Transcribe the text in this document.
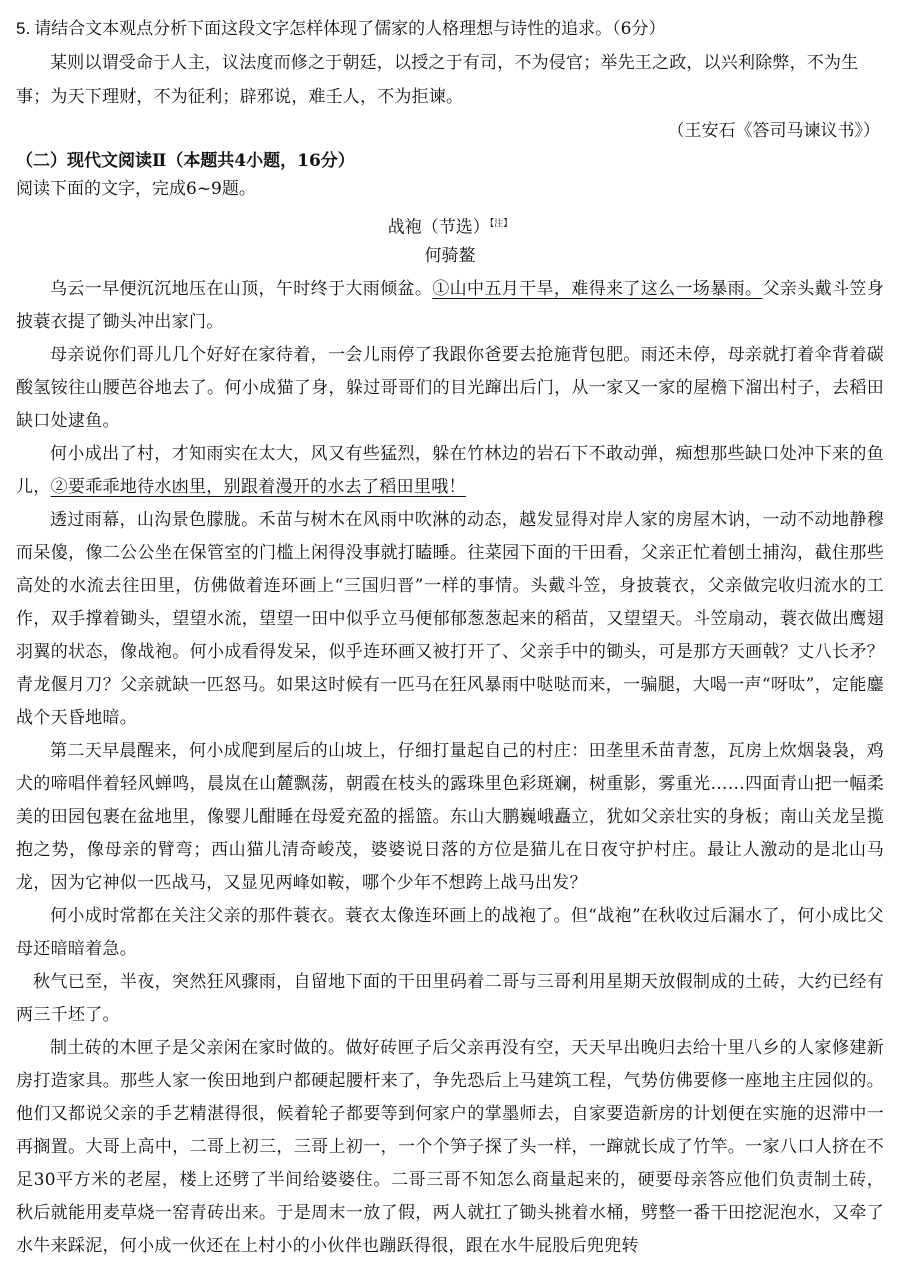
5. 请结合文本观点分析下面这段文字怎样体现了儒家的人格理想与诗性的追求。（6分）
某则以谓受命于人主，议法度而修之于朝廷，以授之于有司，不为侵官；举先王之政，以兴利除弊，不为生事；为天下理财，不为征利；辟邪说，难壬人，不为拒谏。
（王安石《答司马谏议书》）
（二）现代文阅读Ⅱ（本题共4小题，16分）
阅读下面的文字，完成6~9题。
战袍（节选）$^{【注】}$
何骑鳌

乌云一早便沉沉地压在山顶，午时终于大雨倾盆。①山中五月干旱，难得来了这么一场暴雨。父亲头戴斗笠身披蓑衣提了锄头冲出家门。

母亲说你们哥儿几个好好在家待着，一会儿雨停了我跟你爸要去抢施背包肥。雨还未停，母亲就打着伞背着碳酸氢铵往山腰芭谷地去了。何小成猫了身，躲过哥哥们的目光蹿出后门，从一家又一家的屋檐下溜出村子，去稻田缺口处逮鱼。

何小成出了村，才知雨实在太大，风又有些猛烈，躲在竹林边的岩石下不敢动弹，痴想那些缺口处冲下来的鱼儿，②要乖乖地待水凼里，别跟着漫开的水去了稻田里哦！

透过雨幕，山沟景色朦胧。禾苗与树木在风雨中吹淋的动态，越发显得对岸人家的房屋木讷，一动不动地静穆而呆傻，像二公公坐在保管室的门槛上闲得没事就打瞌睡。往菜园下面的干田看，父亲正忙着刨土捕沟，截住那些高处的水流去往田里，仿佛做着连环画上“三国归晋”一样的事情。头戴斗笠，身披蓑衣，父亲做完收归流水的工作，双手撑着锄头，望望水流，望望一田中似乎立马便郁郁葱葱起来的稻苗，又望望天。斗笠扇动，蓑衣做出鹰翅羽翼的状态，像战袍。何小成看得发呆，似乎连环画又被打开了、父亲手中的锄头，可是那方天画戟？丈八长矛？青龙偃月刀？父亲就缺一匹怒马。如果这时候有一匹马在狂风暴雨中哒哒而来，一骗腿，大喝一声“呀呔”，定能鏖战个天昏地暗。

第二天早晨醒来，何小成爬到屋后的山坡上，仔细打量起自己的村庄：田垄里禾苗青葱，瓦房上炊烟袅袅，鸡犬的啼唱伴着轻风蝉鸣，晨岚在山麓飘荡，朝霞在枝头的露珠里色彩斑斓，树重影，雾重光……四面青山把一幅柔美的田园包裹在盆地里，像婴儿酣睡在母爱充盈的摇篮。东山大鹏巍峨矗立，犹如父亲壮实的身板；南山关龙呈揽抱之势，像母亲的臂弯；西山猫儿清奇峻茂，婆婆说日落的方位是猫儿在日夜守护村庄。最让人激动的是北山马龙，因为它神似一匹战马，又显见两峰如鞍，哪个少年不想跨上战马出发？

何小成时常都在关注父亲的那件蓑衣。蓑衣太像连环画上的战袍了。但“战袍”在秋收过后漏水了，何小成比父母还暗暗着急。

秋气已至，半夜，突然狂风骤雨，自留地下面的干田里码着二哥与三哥利用星期天放假制成的土砖，大约已经有两三千坯了。

制土砖的木匣子是父亲闲在家时做的。做好砖匣子后父亲再没有空，天天早出晚归去给十里八乡的人家修建新房打造家具。那些人家一俟田地到户都硬起腰杆来了，争先恐后上马建筑工程，气势仿佛要修一座地主庄园似的。他们又都说父亲的手艺精湛得很，候着轮子都要等到何家户的掌墨师去，自家要造新房的计划便在实施的迟滞中一再搁置。大哥上高中，二哥上初三，三哥上初一，一个个笋子探了头一样，一蹿就长成了竹竿。一家八口人挤在不足30平方米的老屋，楼上还劈了半间给婆婆住。二哥三哥不知怎么商量起来的，硬要母亲答应他们负责制土砖，秋后就能用麦草烧一窑青砖出来。于是周末一放了假，两人就扛了锄头挑着水桶，劈整一番干田挖泥泡水，又牵了水牛来踩泥，何小成一伙还在上村小的小伙伴也蹦跃得很，跟在水牛屁股后兜兜转
